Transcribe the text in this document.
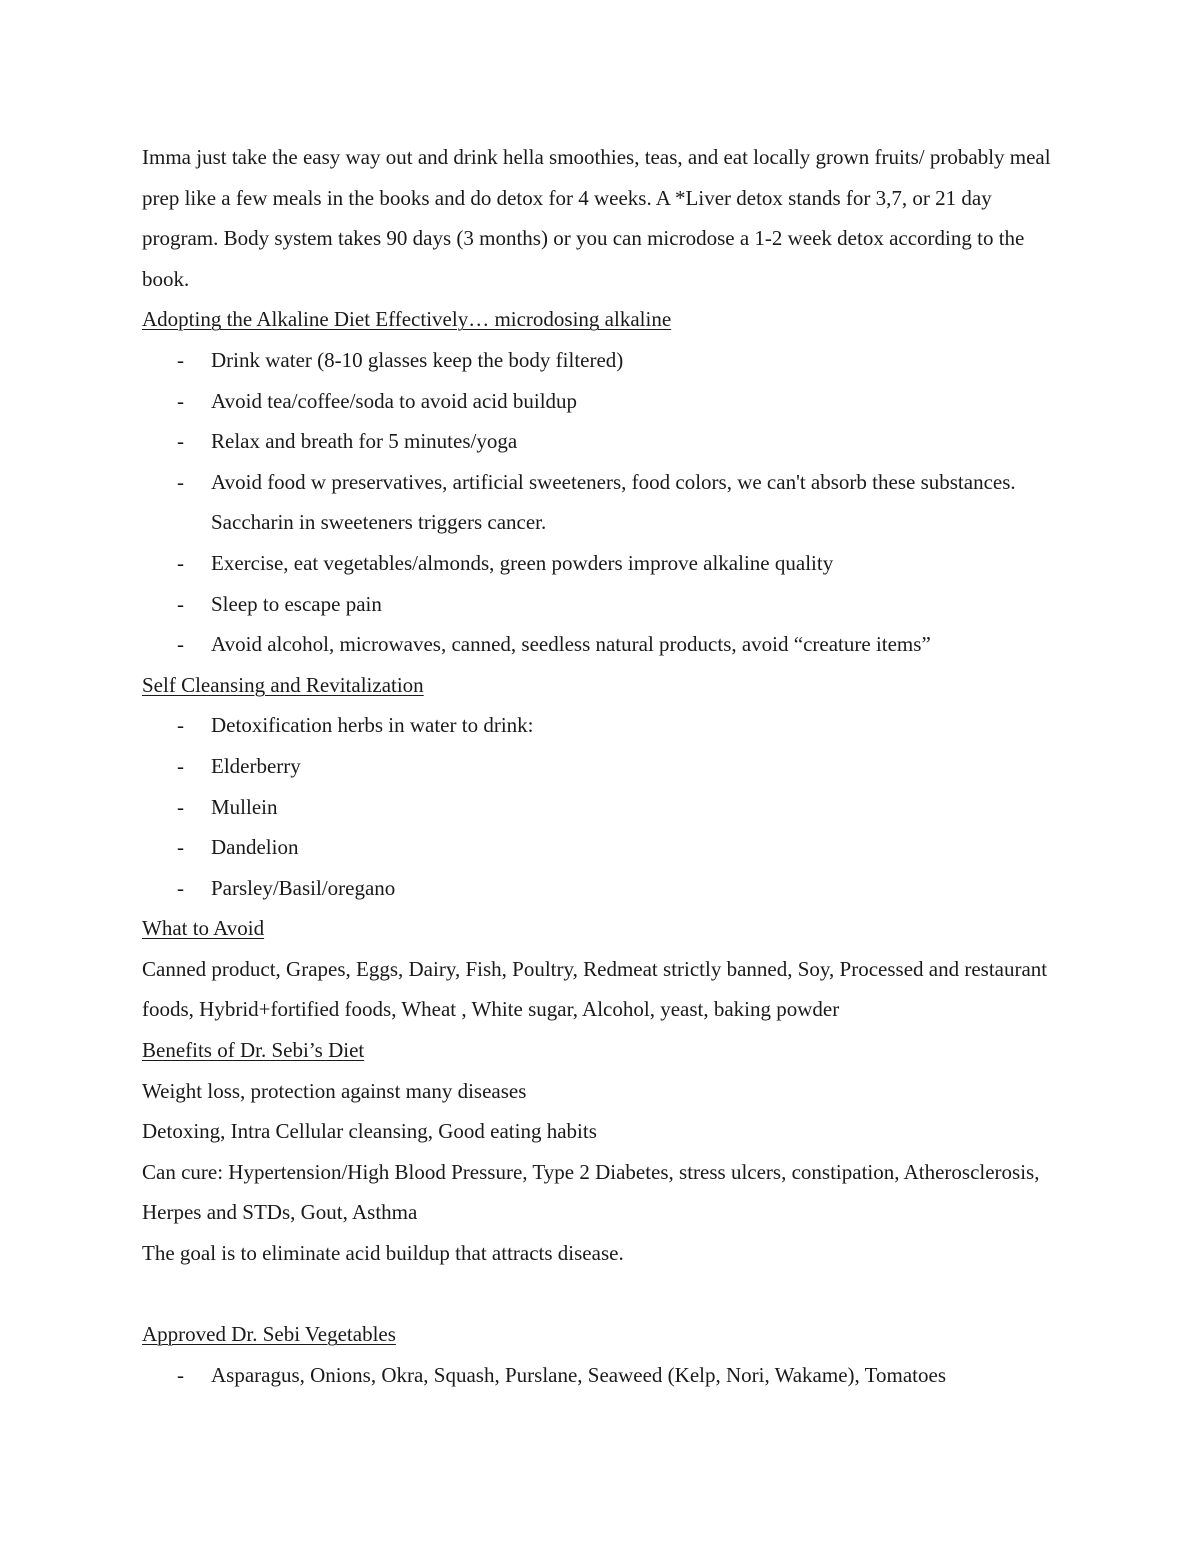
Imma just take the easy way out and drink hella smoothies, teas, and eat locally grown fruits/ probably meal prep like a few meals in the books and do detox for 4 weeks. A *Liver detox stands for 3,7, or 21 day program. Body system takes 90 days (3 months) or you can microdose a 1-2 week detox according to the book.

Adopting the Alkaline Diet Effectively… microdosing alkaline

- Drink water (8-10 glasses keep the body filtered)
- Avoid tea/coffee/soda to avoid acid buildup
- Relax and breath for 5 minutes/yoga
- Avoid food w preservatives, artificial sweeteners, food colors, we can't absorb these substances. Saccharin in sweeteners triggers cancer.
- Exercise, eat vegetables/almonds, green powders improve alkaline quality
- Sleep to escape pain
- Avoid alcohol, microwaves, canned, seedless natural products, avoid “creature items”

Self Cleansing and Revitalization

- Detoxification herbs in water to drink:
- Elderberry
- Mullein
- Dandelion
- Parsley/Basil/oregano

What to Avoid

Canned product, Grapes, Eggs, Dairy, Fish, Poultry, Redmeat strictly banned, Soy, Processed and restaurant foods, Hybrid+fortified foods, Wheat , White sugar, Alcohol, yeast, baking powder

Benefits of Dr. Sebi’s Diet

Weight loss, protection against many diseases

Detoxing, Intra Cellular cleansing, Good eating habits

Can cure: Hypertension/High Blood Pressure, Type 2 Diabetes, stress ulcers, constipation, Atherosclerosis, Herpes and STDs, Gout, Asthma

The goal is to eliminate acid buildup that attracts disease.

Approved Dr. Sebi Vegetables

- Asparagus, Onions, Okra, Squash, Purslane, Seaweed (Kelp, Nori, Wakame), Tomatoes
